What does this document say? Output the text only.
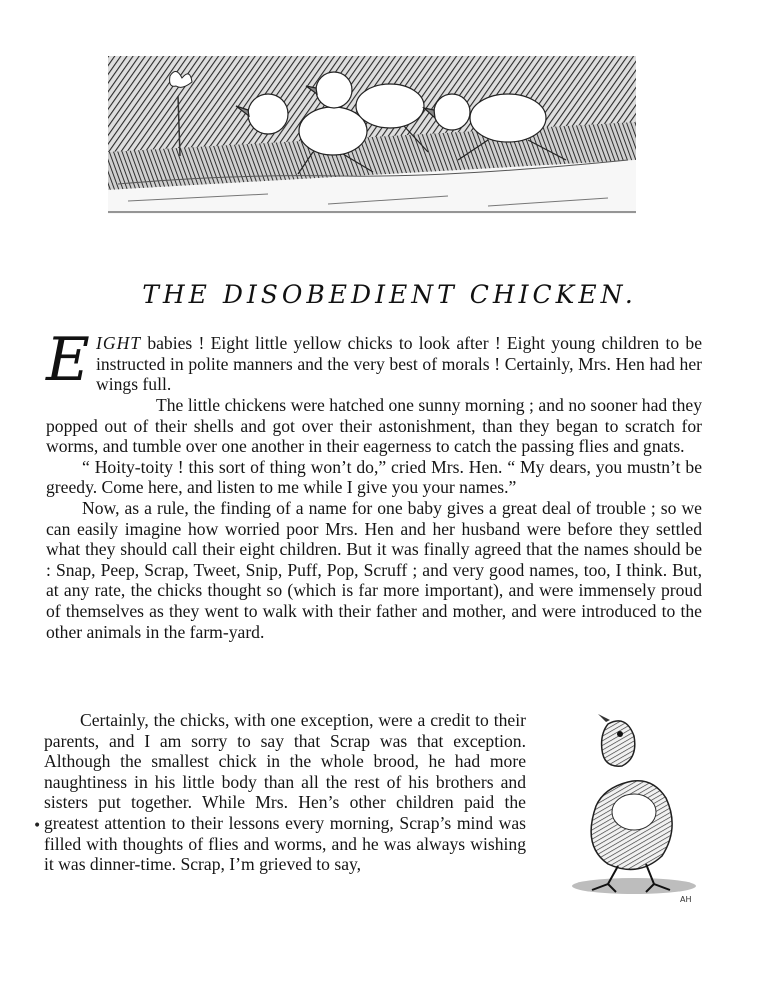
THE DISOBEDIENT CHICKEN.
E IGHT babies ! Eight little yellow chicks to look after ! Eight young children to be instructed in polite manners and the very best of morals ! Certainly, Mrs. Hen had her wings full.

The little chickens were hatched one sunny morning ; and no sooner had they popped out of their shells and got over their astonishment, than they began to scratch for worms, and tumble over one another in their eagerness to catch the passing flies and gnats.

“ Hoity-toity ! this sort of thing won’t do,” cried Mrs. Hen. “ My dears, you mustn’t be greedy. Come here, and listen to me while I give you your names.”

Now, as a rule, the finding of a name for one baby gives a great deal of trouble ; so we can easily imagine how worried poor Mrs. Hen and her husband were before they settled what they should call their eight children. But it was finally agreed that the names should be : Snap, Peep, Scrap, Tweet, Snip, Puff, Pop, Scruff ; and very good names, too, I think. But, at any rate, the chicks thought so (which is far more important), and were immensely proud of themselves as they went to walk with their father and mother, and were introduced to the other animals in the farm-yard.

Certainly, the chicks, with one exception, were a credit to their parents, and I am sorry to say that Scrap was that exception. Although the smallest chick in the whole brood, he had more naughtiness in his little body than all the rest of his brothers and sisters put together. While Mrs. Hen’s other children paid the greatest attention to their lessons every morning, Scrap’s mind was filled with thoughts of flies and worms, and he was always wishing it was dinner-time. Scrap, I’m grieved to say,

•
AH
